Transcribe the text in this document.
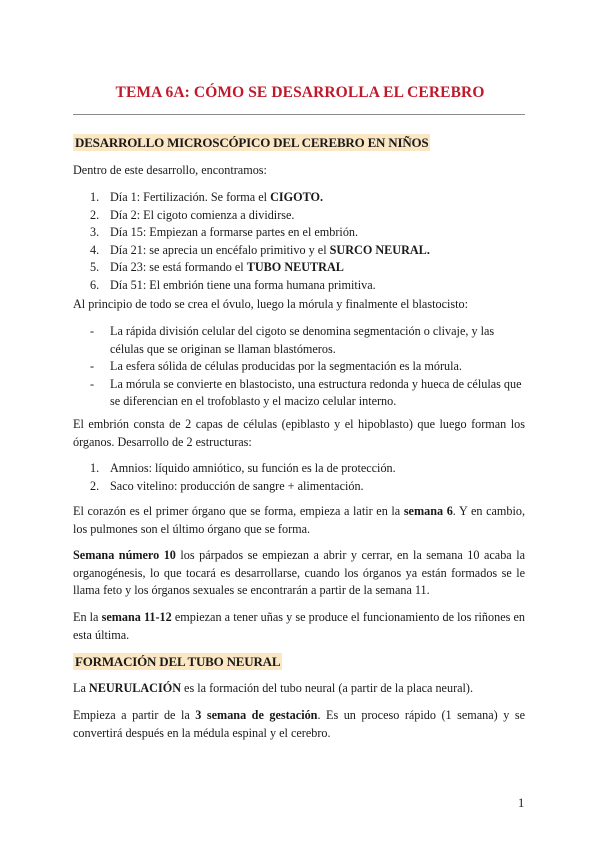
TEMA 6A: CÓMO SE DESARROLLA EL CEREBRO
DESARROLLO MICROSCÓPICO DEL CEREBRO EN NIÑOS
Dentro de este desarrollo, encontramos:
1. Día 1: Fertilización. Se forma el CIGOTO.
2. Día 2: El cigoto comienza a dividirse.
3. Día 15: Empiezan a formarse partes en el embrión.
4. Día 21: se aprecia un encéfalo primitivo y el SURCO NEURAL.
5. Día 23: se está formando el TUBO NEUTRAL
6. Día 51: El embrión tiene una forma humana primitiva.
Al principio de todo se crea el óvulo, luego la mórula y finalmente el blastocisto:
- La rápida división celular del cigoto se denomina segmentación o clivaje, y las células que se originan se llaman blastómeros.
- La esfera sólida de células producidas por la segmentación es la mórula.
- La mórula se convierte en blastocisto, una estructura redonda y hueca de células que se diferencian en el trofoblasto y el macizo celular interno.
El embrión consta de 2 capas de células (epiblasto y el hipoblasto) que luego forman los órganos. Desarrollo de 2 estructuras:
1. Amnios: líquido amniótico, su función es la de protección.
2. Saco vitelino: producción de sangre + alimentación.
El corazón es el primer órgano que se forma, empieza a latir en la semana 6. Y en cambio, los pulmones son el último órgano que se forma.
Semana número 10 los párpados se empiezan a abrir y cerrar, en la semana 10 acaba la organogénesis, lo que tocará es desarrollarse, cuando los órganos ya están formados se le llama feto y los órganos sexuales se encontrarán a partir de la semana 11.
En la semana 11-12 empiezan a tener uñas y se produce el funcionamiento de los riñones en esta última.
FORMACIÓN DEL TUBO NEURAL
La NEURULACIÓN es la formación del tubo neural (a partir de la placa neural).
Empieza a partir de la 3 semana de gestación. Es un proceso rápido (1 semana) y se convertirá después en la médula espinal y el cerebro.
1
